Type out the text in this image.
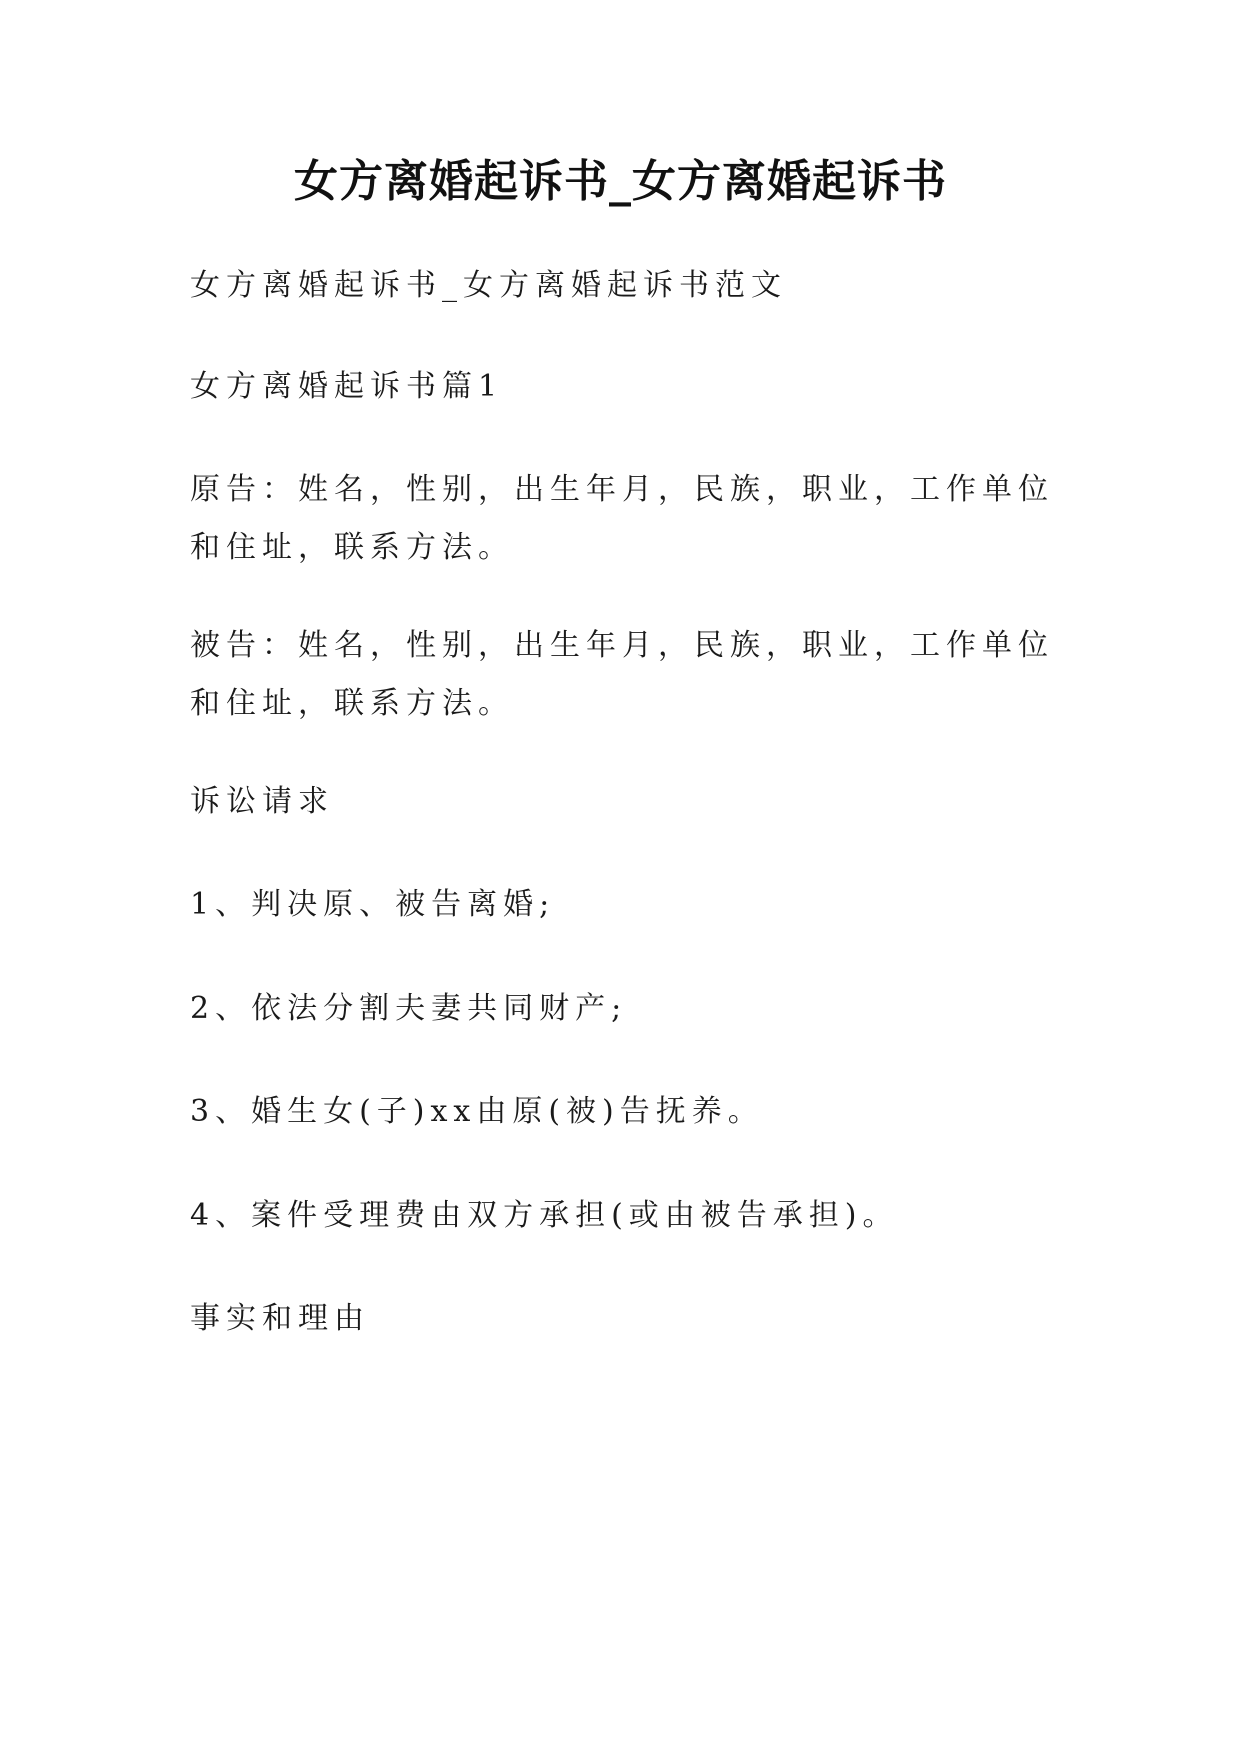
女方离婚起诉书_女方离婚起诉书

女方离婚起诉书_女方离婚起诉书范文

女方离婚起诉书篇1

原告：姓名，性别，出生年月，民族，职业，工作单位和住址，联系方法。

被告：姓名，性别，出生年月，民族，职业，工作单位和住址，联系方法。

诉讼请求

1、判决原、被告离婚;

2、依法分割夫妻共同财产;

3、婚生女(子)xx由原(被)告抚养。

4、案件受理费由双方承担(或由被告承担)。

事实和理由
